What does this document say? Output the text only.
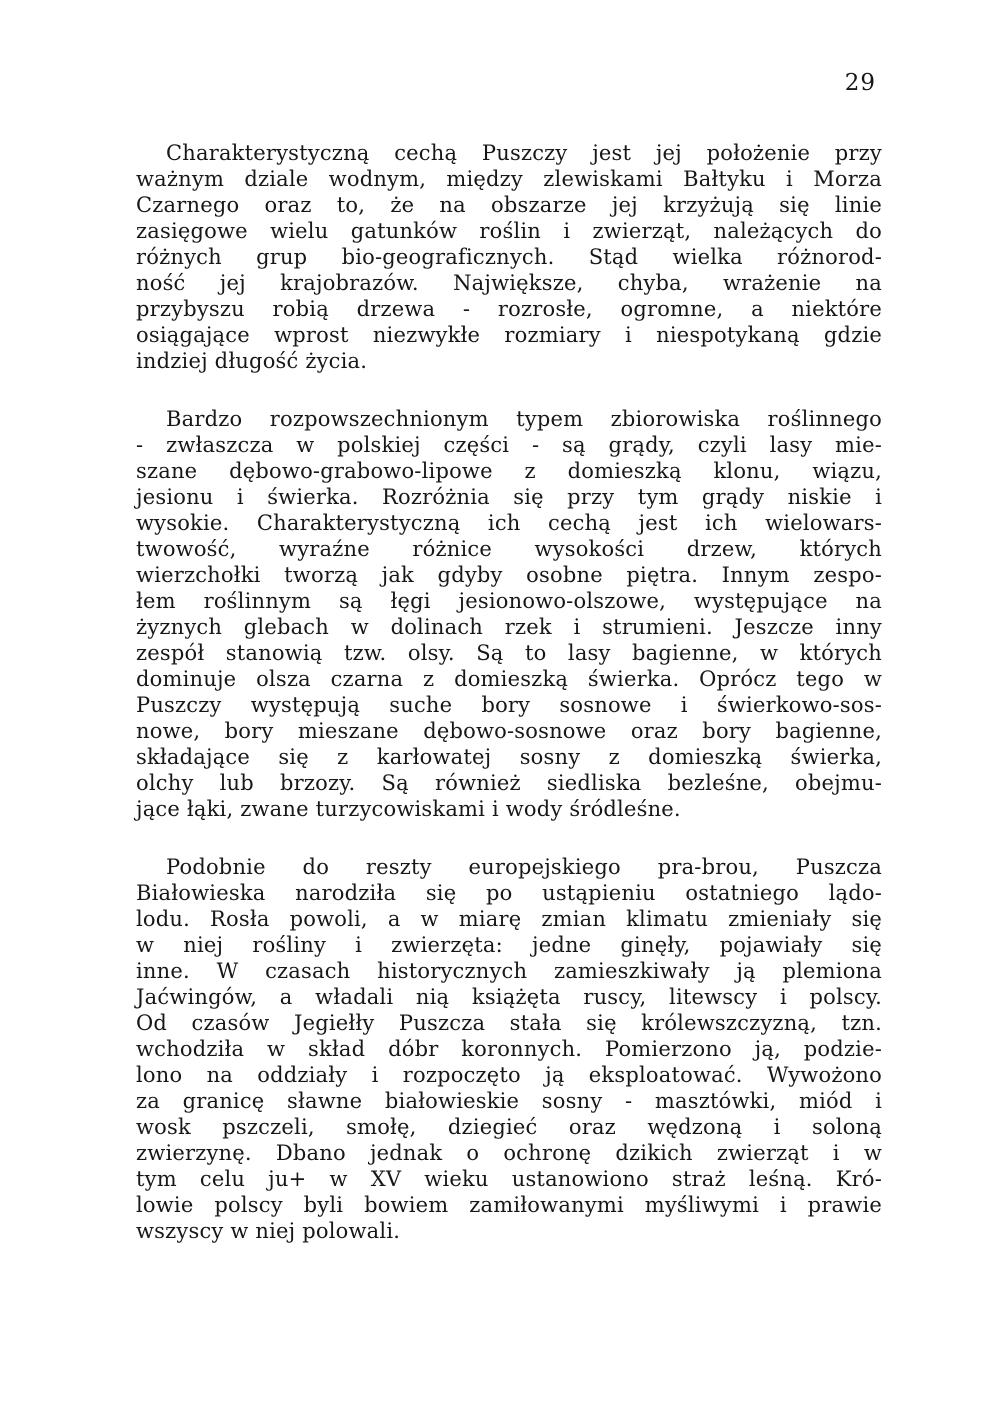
29
Charakterystyczną cechą Puszczy jest jej położenie przy
ważnym dziale wodnym, między zlewiskami Bałtyku i Morza
Czarnego oraz to, że na obszarze jej krzyżują się linie
zasięgowe wielu gatunków roślin i zwierząt, należących do
różnych grup bio-geograficznych. Stąd wielka różnorod-
ność jej krajobrazów. Największe, chyba, wrażenie na
przybyszu robią drzewa - rozrosłe, ogromne, a niektóre
osiągające wprost niezwykłe rozmiary i niespotykaną gdzie
indziej długość życia.
Bardzo rozpowszechnionym typem zbiorowiska roślinnego
- zwłaszcza w polskiej części - są grądy, czyli lasy mie-
szane dębowo-grabowo-lipowe z domieszką klonu, wiązu,
jesionu i świerka. Rozróżnia się przy tym grądy niskie i
wysokie. Charakterystyczną ich cechą jest ich wielowars-
twowość, wyraźne różnice wysokości drzew, których
wierzchołki tworzą jak gdyby osobne piętra. Innym zespo-
łem roślinnym są łęgi jesionowo-olszowe, występujące na
żyznych glebach w dolinach rzek i strumieni. Jeszcze inny
zespół stanowią tzw. olsy. Są to lasy bagienne, w których
dominuje olsza czarna z domieszką świerka. Oprócz tego w
Puszczy występują suche bory sosnowe i świerkowo-sos-
nowe, bory mieszane dębowo-sosnowe oraz bory bagienne,
składające się z karłowatej sosny z domieszką świerka,
olchy lub brzozy. Są również siedliska bezleśne, obejmu-
jące łąki, zwane turzycowiskami i wody śródleśne.
Podobnie do reszty europejskiego pra-brou, Puszcza
Białowieska narodziła się po ustąpieniu ostatniego lądo-
lodu. Rosła powoli, a w miarę zmian klimatu zmieniały się
w niej rośliny i zwierzęta: jedne ginęły, pojawiały się
inne. W czasach historycznych zamieszkiwały ją plemiona
Jaćwingów, a władali nią książęta ruscy, litewscy i polscy.
Od czasów Jegiełły Puszcza stała się królewszczyzną, tzn.
wchodziła w skład dóbr koronnych. Pomierzono ją, podzie-
lono na oddziały i rozpoczęto ją eksploatować. Wywożono
za granicę sławne białowieskie sosny - masztówki, miód i
wosk pszczeli, smołę, dziegieć oraz wędzoną i soloną
zwierzynę. Dbano jednak o ochronę dzikich zwierząt i w
tym celu ju+ w XV wieku ustanowiono straż leśną. Kró-
lowie polscy byli bowiem zamiłowanymi myśliwymi i prawie
wszyscy w niej polowali.
